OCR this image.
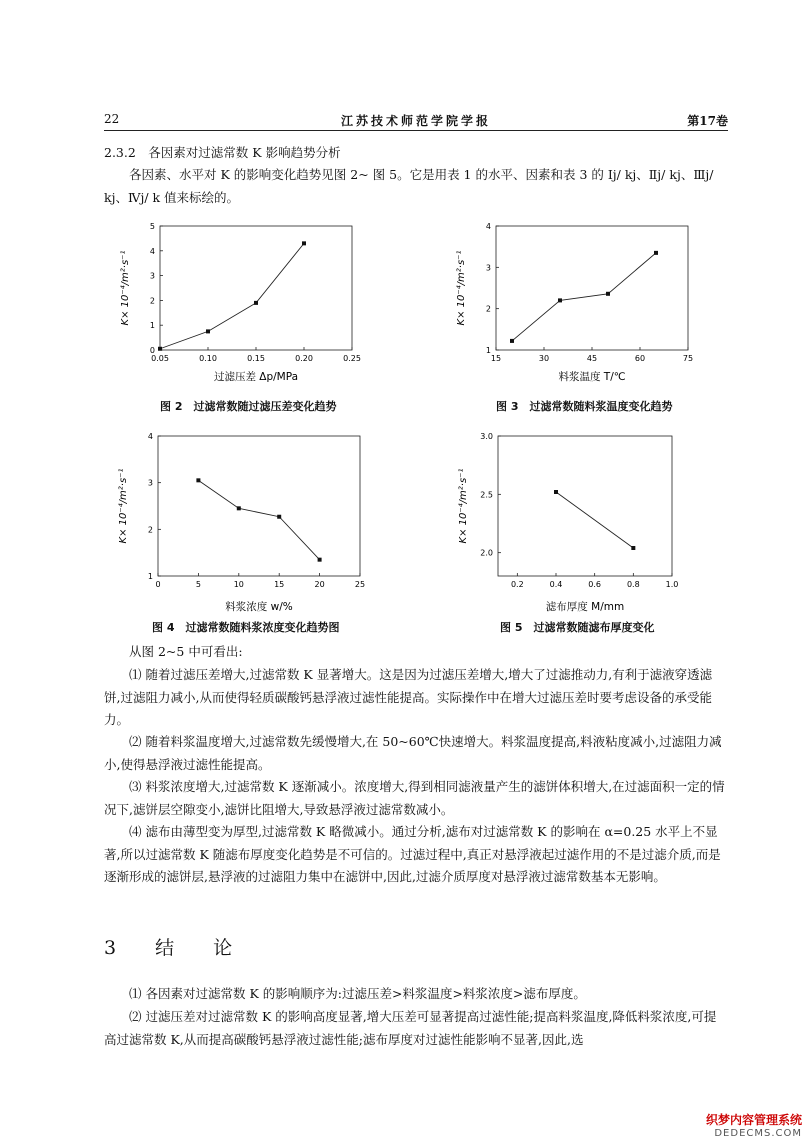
22	江苏技术师范学院学报	第17卷
2.3.2　各因素对过滤常数 K 影响趋势分析
各因素、水平对 K 的影响变化趋势见图 2~ 图 5。它是用表 1 的水平、因素和表 3 的 Ⅰj/ kj、Ⅱj/ kj、Ⅲj/ kj、Ⅳj/ k 值来标绘的。
0.05	0.10	0.15	0.20	0.25
0
1
2
3
4
5
K× 10⁻⁴/m²·s⁻¹
过滤压差 Δp/MPa
15	30	45	60	75
1
2
3
4
K× 10⁻⁴/m²·s⁻¹
料浆温度 T/℃
0	5	10	15	20	25
1
2
3
4
K× 10⁻⁴/m²·s⁻¹
料浆浓度 w/%
0.2	0.4	0.6	0.8	1.0
2.0
2.5
3.0
K× 10⁻⁴/m²·s⁻¹
滤布厚度 M/mm
图 2　过滤常数随过滤压差变化趋势	图 3　过滤常数随料浆温度变化趋势
图 4　过滤常数随料浆浓度变化趋势图	图 5　过滤常数随滤布厚度变化
从图 2~5 中可看出:
⑴ 随着过滤压差增大,过滤常数 K 显著增大。这是因为过滤压差增大,增大了过滤推动力,有利于滤液穿透滤饼,过滤阻力减小,从而使得轻质碳酸钙悬浮液过滤性能提高。实际操作中在增大过滤压差时要考虑设备的承受能力。
⑵ 随着料浆温度增大,过滤常数先缓慢增大,在 50~60℃快速增大。料浆温度提高,料液粘度减小,过滤阻力减小,使得悬浮液过滤性能提高。
⑶ 料浆浓度增大,过滤常数 K 逐渐减小。浓度增大,得到相同滤液量产生的滤饼体积增大,在过滤面积一定的情况下,滤饼层空隙变小,滤饼比阻增大,导致悬浮液过滤常数减小。
⑷ 滤布由薄型变为厚型,过滤常数 K 略微减小。通过分析,滤布对过滤常数 K 的影响在 α=0.25 水平上不显著,所以过滤常数 K 随滤布厚度变化趋势是不可信的。过滤过程中,真正对悬浮液起过滤作用的不是过滤介质,而是逐渐形成的滤饼层,悬浮液的过滤阻力集中在滤饼中,因此,过滤介质厚度对悬浮液过滤常数基本无影响。
3　结　论
⑴ 各因素对过滤常数 K 的影响顺序为:过滤压差>料浆温度>料浆浓度>滤布厚度。
⑵ 过滤压差对过滤常数 K 的影响高度显著,增大压差可显著提高过滤性能;提高料浆温度,降低料浆浓度,可提高过滤常数 K,从而提高碳酸钙悬浮液过滤性能;滤布厚度对过滤性能影响不显著,因此,选
织梦内容管理系统
DEDECMS.COM
